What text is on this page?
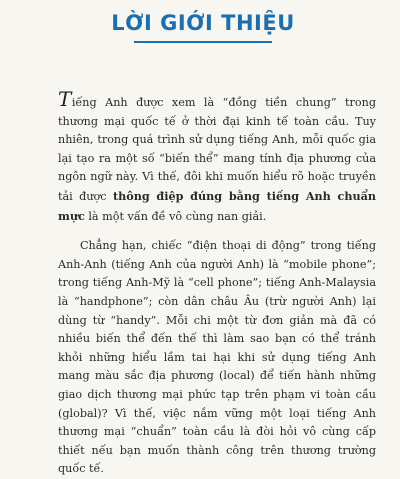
LỜI GIỚI THIỆU

Tiếng Anh được xem là “đồng tiền chung” trong thương mại quốc tế ở thời đại kinh tế toàn cầu. Tuy nhiên, trong quá trình sử dụng tiếng Anh, mỗi quốc gia lại tạo ra một số “biến thể” mang tính địa phương của ngôn ngữ này. Vì thế, đôi khi muốn hiểu rõ hoặc truyền tải được thông điệp đúng bằng tiếng Anh chuẩn mực là một vấn đề vô cùng nan giải.

Chẳng hạn, chiếc “điện thoại di động” trong tiếng Anh-Anh (tiếng Anh của người Anh) là “mobile phone”; trong tiếng Anh-Mỹ là “cell phone”; tiếng Anh-Malaysia là “handphone”; còn dân châu Âu (trừ người Anh) lại dùng từ “handy”. Mỗi chi một từ đơn giản mà đã có nhiều biến thể đến thế thì làm sao bạn có thể tránh khỏi những hiểu lầm tai hại khi sử dụng tiếng Anh mang màu sắc địa phương (local) để tiến hành những giao dịch thương mại phức tạp trên phạm vi toàn cầu (global)? Vì thế, việc nắm vững một loại tiếng Anh thương mại “chuẩn” toàn cầu là đòi hỏi vô cùng cấp thiết nếu bạn muốn thành công trên thương trường quốc tế.
